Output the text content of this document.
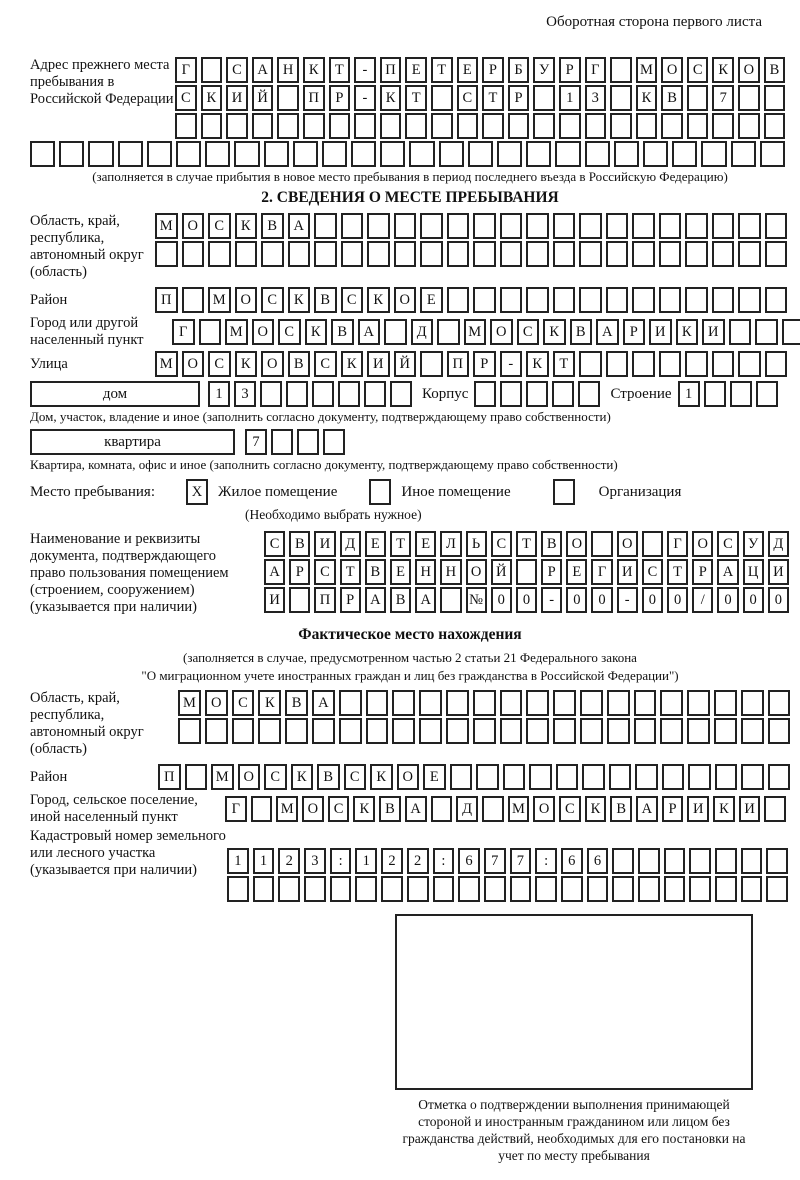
Оборотная сторона первого листа
Адрес прежнего места пребывания в Российской Федерации
Г	С	А	Н	К	Т	-	П	Е	Т	Е	Р	Б	У	Р	Г	М О	С	К	О	В
С	К	И	Й	П	Р	-	К	Т	С	Т	Р	1	3	К	В	7
(заполняется в случае прибытия в новое место пребывания в период последнего въезда в Российскую Федерацию)
2. СВЕДЕНИЯ О МЕСТЕ ПРЕБЫВАНИЯ
Область, край, республика, автономный округ (область)
М	О	С	К	В	А
Район	П	М	О	С	К	В	С	К	О	Е
Город или другой населенный пункт
Г	М	О	С	К	В	А	Д	М	О	С	К	В	А	Р	И	К	И
Улица	М	О	С	К	О	В	С	К	И	Й	П	Р	-	К	Т
дом	1	3	Корпус	Строение 1
Дом, участок, владение и иное (заполнить согласно документу, подтверждающему право собственности)
квартира	7
Квартира, комната, офис и иное (заполнить согласно документу, подтверждающему право собственности)
Место пребывания:	X	Жилое помещение	Иное помещение	Организация
(Необходимо выбрать нужное)
Наименование и реквизиты документа, подтверждающего право пользования помещением (строением, сооружением) (указывается при наличии)
С	В	И	Д	Е	Т	Е	Л	Ь	С	Т	В	О	О	Г	О	С	У	Д
А	Р	С	Т	В	Е	Н	Н	О	Й	Р	Е	Г	И	С	Т	Р	А	Ц	И
И	П	Р	А	В	А	№	0	0	-	0	0	-	0	0	/	0	0	0
Фактическое место нахождения
(заполняется в случае, предусмотренном частью 2 статьи 21 Федерального закона
"О миграционном учете иностранных граждан и лиц без гражданства в Российской Федерации")
Область, край, республика, автономный округ (область)
М	О	С	К	В	А
Район	П	М	О	С	К	В	С	К	О	Е
Город, сельское поселение, иной населенный пункт
Г	М О	С	К	В	А	Д	М О	С	К	В	А	Р	И	К	И
Кадастровый номер земельного или лесного участка (указывается при наличии)
1	1	2	3	:	1	2	2	:	6	7	7	:	6	6
Отметка о подтверждении выполнения принимающей стороной и иностранным гражданином или лицом без гражданства действий, необходимых для его постановки на учет по месту пребывания
